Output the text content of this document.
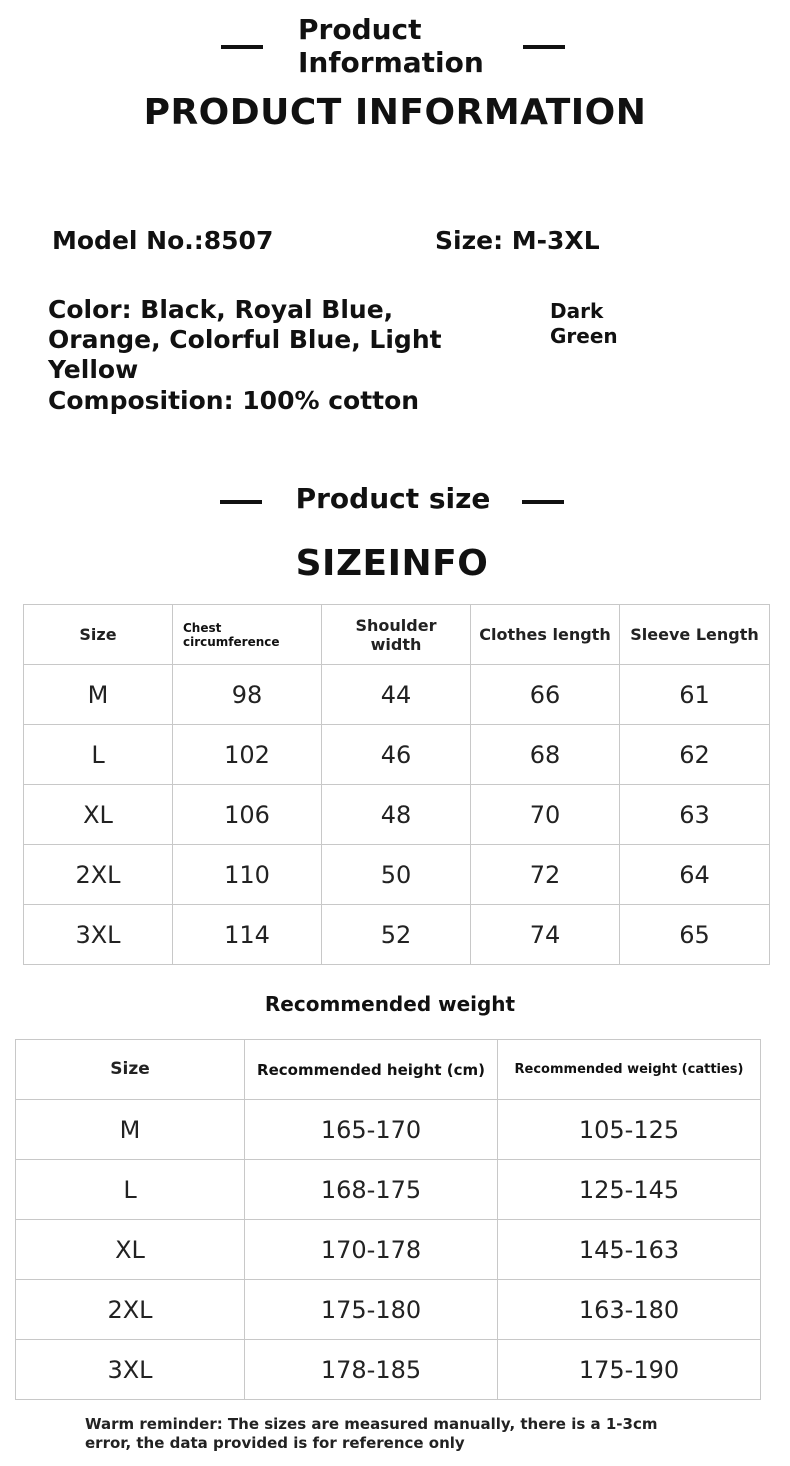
Product Information
PRODUCT INFORMATION
Model No.:8507	Size: M-3XL
Color: Black, Royal Blue, Orange, Colorful Blue, Light Yellow
Dark Green
Composition: 100% cotton
Product size
SIZEINFO
Size	Chest circumference	Shoulder width	Clothes length	Sleeve Length
M	98	44	66	61
L	102	46	68	62
XL	106	48	70	63
2XL	110	50	72	64
3XL	114	52	74	65
Recommended weight
Size	Recommended height (cm)	Recommended weight (catties)
M	165-170	105-125
L	168-175	125-145
XL	170-178	145-163
2XL	175-180	163-180
3XL	178-185	175-190
Warm reminder: The sizes are measured manually, there is a 1-3cm error, the data provided is for reference only
